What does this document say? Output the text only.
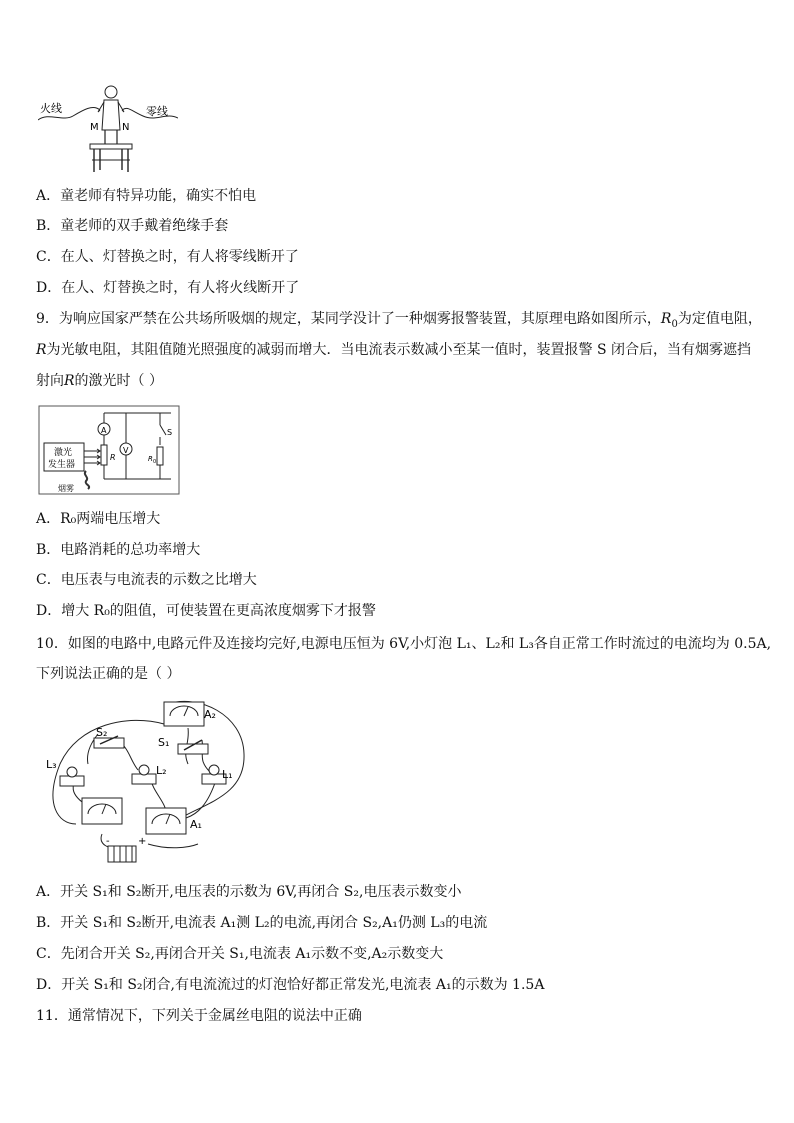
火线	零线
M N
A．童老师有特异功能，确实不怕电
B．童老师的双手戴着绝缘手套
C．在人、灯替换之时，有人将零线断开了
D．在人、灯替换之时，有人将火线断开了
9．为响应国家严禁在公共场所吸烟的规定，某同学没计了一种烟雾报警装置，其原理电路如图所示，$R_0$为定值电阻，
R为光敏电阻，其阻值随光照强度的减弱而增大．当电流表示数减小至某一值时，装置报警 S 闭合后，当有烟雾遮挡
射向R的激光时（ ）
A
R
V
S
R 0
激光
发生器
烟雾
A．R₀两端电压增大
B．电路消耗的总功率增大
C．电压表与电流表的示数之比增大
D．增大 R₀的阻值，可使装置在更高浓度烟雾下才报警
10．如图的电路中,电路元件及连接均完好,电源电压恒为 6V,小灯泡 L₁、L₂和 L₃各自正常工作时流过的电流均为 0.5A,
下列说法正确的是（ ）
A₂
S₂
S₁
L₃	L₂	L₁
A₁
-	+
A．开关 S₁和 S₂断开,电压表的示数为 6V,再闭合 S₂,电压表示数变小
B．开关 S₁和 S₂断开,电流表 A₁测 L₂的电流,再闭合 S₂,A₁仍测 L₃的电流
C．先闭合开关 S₂,再闭合开关 S₁,电流表 A₁示数不变,A₂示数变大
D．开关 S₁和 S₂闭合,有电流流过的灯泡恰好都正常发光,电流表 A₁的示数为 1.5A
11．通常情况下，下列关于金属丝电阻的说法中正确
